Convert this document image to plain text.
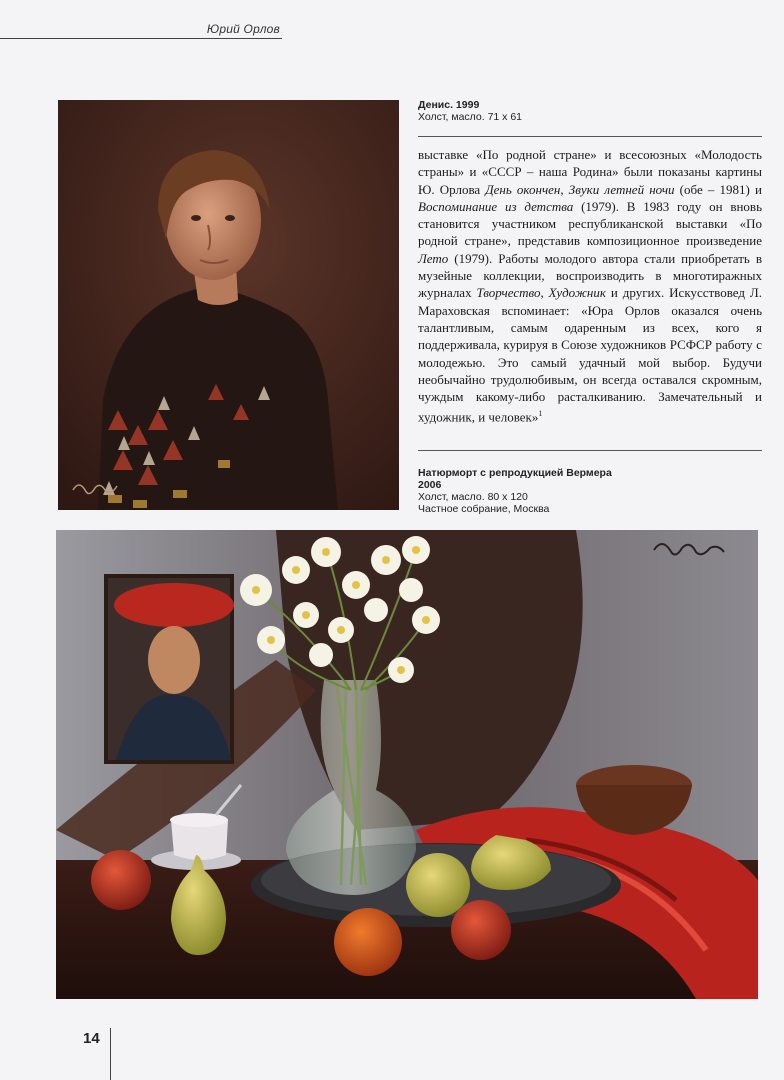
Юрий Орлов
Денис. 1999
Холст, масло. 71 х 61

выставке «По родной стране» и всесоюзных «Молодость страны» и «СССР – наша Родина» были показаны картины Ю. Орлова День окончен, Звуки летней ночи (обе – 1981) и Воспоминание из детства (1979). В 1983 году он вновь становится участником республиканской выставки «По родной стране», представив композиционное произведение Лето (1979). Работы молодого автора стали приобретать в музейные коллекции, воспроизводить в многотиражных журналах Творчество, Художник и других. Искусствовед Л. Мараховская вспоминает: «Юра Орлов оказался очень талантливым, самым одаренным из всех, кого я поддерживала, курируя в Союзе художников РСФСР работу с молодежью. Это самый удачный мой выбор. Будучи необычайно трудолюбивым, он всегда оставался скромным, чуждым какому-либо расталкиванию. Замечательный и художник, и человек»$^1$

Натюрморт с репродукцией Вермера
2006
Холст, масло. 80 х 120
Частное собрание, Москва
14
